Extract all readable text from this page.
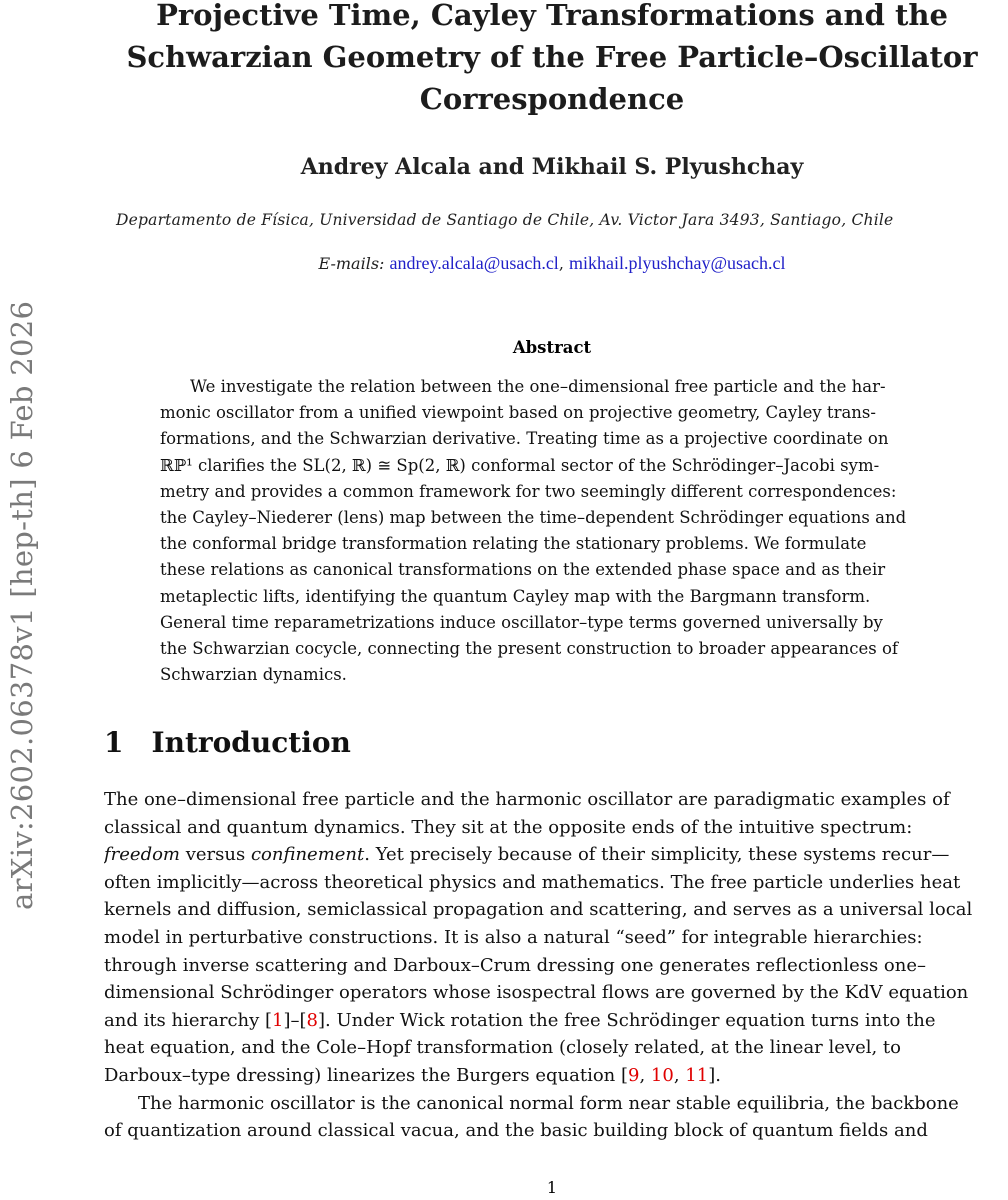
arXiv:2602.06378v1 [hep-th] 6 Feb 2026
Projective Time, Cayley Transformations and the
Schwarzian Geometry of the Free Particle–Oscillator
Correspondence
Andrey Alcala and Mikhail S. Plyushchay
Departamento de Física, Universidad de Santiago de Chile, Av. Victor Jara 3493, Santiago, Chile
E-mails: andrey.alcala@usach.cl, mikhail.plyushchay@usach.cl
Abstract
We investigate the relation between the one–dimensional free particle and the har-
monic oscillator from a unified viewpoint based on projective geometry, Cayley trans-
formations, and the Schwarzian derivative. Treating time as a projective coordinate on
ℝℙ¹ clarifies the SL(2, ℝ) ≅ Sp(2, ℝ) conformal sector of the Schrödinger–Jacobi sym-
metry and provides a common framework for two seemingly different correspondences:
the Cayley–Niederer (lens) map between the time–dependent Schrödinger equations and
the conformal bridge transformation relating the stationary problems. We formulate
these relations as canonical transformations on the extended phase space and as their
metaplectic lifts, identifying the quantum Cayley map with the Bargmann transform.
General time reparametrizations induce oscillator–type terms governed universally by
the Schwarzian cocycle, connecting the present construction to broader appearances of
Schwarzian dynamics.
1 Introduction
The one–dimensional free particle and the harmonic oscillator are paradigmatic examples of
classical and quantum dynamics. They sit at the opposite ends of the intuitive spectrum:
freedom versus confinement. Yet precisely because of their simplicity, these systems recur—
often implicitly—across theoretical physics and mathematics. The free particle underlies heat
kernels and diffusion, semiclassical propagation and scattering, and serves as a universal local
model in perturbative constructions. It is also a natural “seed” for integrable hierarchies:
through inverse scattering and Darboux–Crum dressing one generates reflectionless one–
dimensional Schrödinger operators whose isospectral flows are governed by the KdV equation
and its hierarchy [1]–[8]. Under Wick rotation the free Schrödinger equation turns into the
heat equation, and the Cole–Hopf transformation (closely related, at the linear level, to
Darboux–type dressing) linearizes the Burgers equation [9, 10, 11].
The harmonic oscillator is the canonical normal form near stable equilibria, the backbone
of quantization around classical vacua, and the basic building block of quantum fields and
1
